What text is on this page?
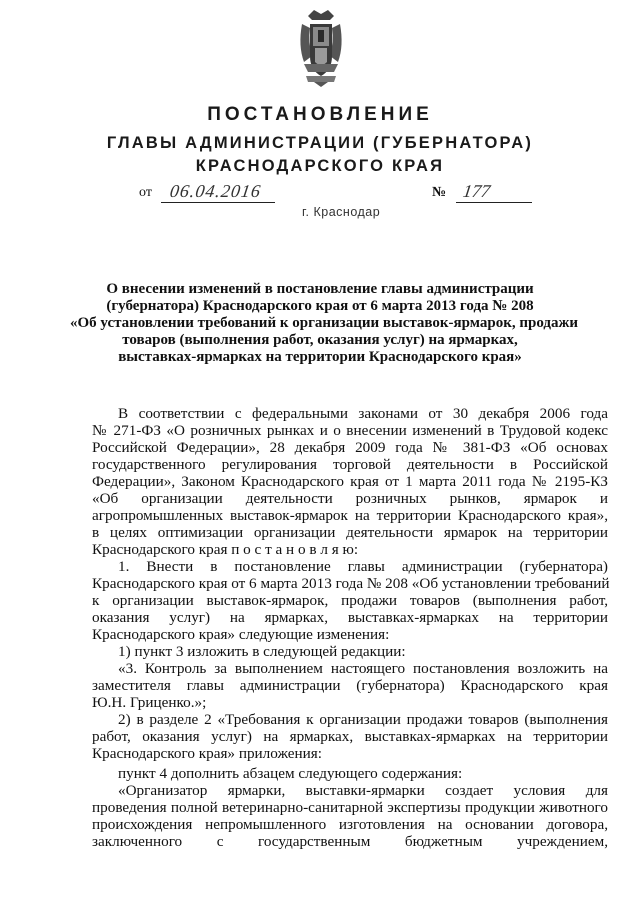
ПОСТАНОВЛЕНИЕ
ГЛАВЫ АДМИНИСТРАЦИИ (ГУБЕРНАТОРА)
КРАСНОДАРСКОГО КРАЯ
от 06.04.2016	№ 177
г. Краснодар
О внесении изменений в постановление главы администрации
(губернатора) Краснодарского края от 6 марта 2013 года № 208
«Об установлении требований к организации выставок-ярмарок, продажи
товаров (выполнения работ, оказания услуг) на ярмарках,
выставках-ярмарках на территории Краснодарского края»
В соответствии с федеральными законами от 30 декабря 2006 года
№ 271-ФЗ «О розничных рынках и о внесении изменений в Трудовой кодекс
Российской Федерации», 28 декабря 2009 года № 381-ФЗ «Об основах
государственного регулирования торговой деятельности в Российской
Федерации», Законом Краснодарского края от 1 марта 2011 года № 2195-КЗ
«Об организации деятельности розничных рынков, ярмарок и
агропромышленных выставок-ярмарок на территории Краснодарского края»,
в целях оптимизации организации деятельности ярмарок на территории
Краснодарского края п о с т а н о в л я ю:
1. Внести в постановление главы администрации (губернатора)
Краснодарского края от 6 марта 2013 года № 208 «Об установлении требований
к организации выставок-ярмарок, продажи товаров (выполнения работ,
оказания услуг) на ярмарках, выставках-ярмарках на территории
Краснодарского края» следующие изменения:
1) пункт 3 изложить в следующей редакции:
«3. Контроль за выполнением настоящего постановления возложить на
заместителя главы администрации (губернатора) Краснодарского края
Ю.Н. Гриценко.»;
2) в разделе 2 «Требования к организации продажи товаров (выполнения
работ, оказания услуг) на ярмарках, выставках-ярмарках на территории
Краснодарского края» приложения:
пункт 4 дополнить абзацем следующего содержания:
«Организатор ярмарки, выставки-ярмарки создает условия для
проведения полной ветеринарно-санитарной экспертизы продукции животного
происхождения непромышленного изготовления на основании договора,
заключенного с государственным бюджетным учреждением,
